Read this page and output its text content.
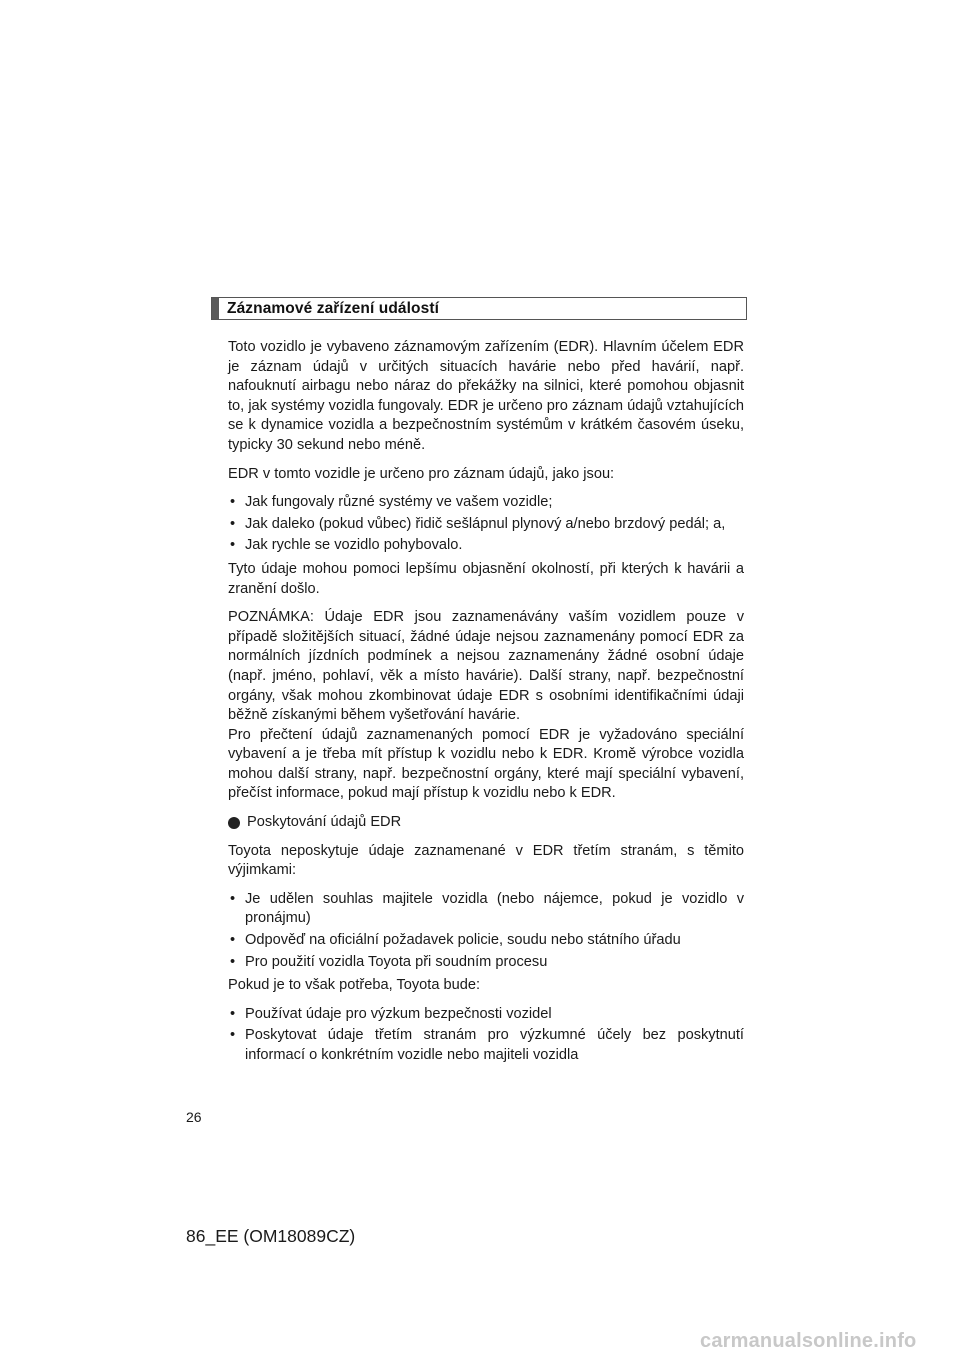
Záznamové zařízení událostí

Toto vozidlo je vybaveno záznamovým zařízením (EDR). Hlavním účelem EDR je záznam údajů v určitých situacích havárie nebo před havárií, např. nafouknutí airbagu nebo náraz do překážky na silnici, které pomohou objasnit to, jak systémy vozidla fungovaly. EDR je určeno pro záznam údajů vztahujících se k dynamice vozidla a bezpečnostním systémům v krátkém časovém úseku, typicky 30 sekund nebo méně.

EDR v tomto vozidle je určeno pro záznam údajů, jako jsou:

• Jak fungovaly různé systémy ve vašem vozidle;
• Jak daleko (pokud vůbec) řidič sešlápnul plynový a/nebo brzdový pedál; a,
• Jak rychle se vozidlo pohybovalo.

Tyto údaje mohou pomoci lepšímu objasnění okolností, při kterých k havárii a zranění došlo.

POZNÁMKA: Údaje EDR jsou zaznamenávány vaším vozidlem pouze v případě složitějších situací, žádné údaje nejsou zaznamenány pomocí EDR za normálních jízdních podmínek a nejsou zaznamenány žádné osobní údaje (např. jméno, pohlaví, věk a místo havárie). Další strany, např. bezpečnostní orgány, však mohou zkombinovat údaje EDR s osobními identifikačními údaji běžně získanými během vyšetřování havárie.

Pro přečtení údajů zaznamenaných pomocí EDR je vyžadováno speciální vybavení a je třeba mít přístup k vozidlu nebo k EDR. Kromě výrobce vozidla mohou další strany, např. bezpečnostní orgány, které mají speciální vybavení, přečíst informace, pokud mají přístup k vozidlu nebo k EDR.

Poskytování údajů EDR

Toyota neposkytuje údaje zaznamenané v EDR třetím stranám, s těmito výjimkami:

• Je udělen souhlas majitele vozidla (nebo nájemce, pokud je vozidlo v pronájmu)
• Odpověď na oficiální požadavek policie, soudu nebo státního úřadu
• Pro použití vozidla Toyota při soudním procesu

Pokud je to však potřeba, Toyota bude:

• Používat údaje pro výzkum bezpečnosti vozidel
• Poskytovat údaje třetím stranám pro výzkumné účely bez poskytnutí informací o konkrétním vozidle nebo majiteli vozidla
26
86_EE (OM18089CZ)
carmanualsonline.info
